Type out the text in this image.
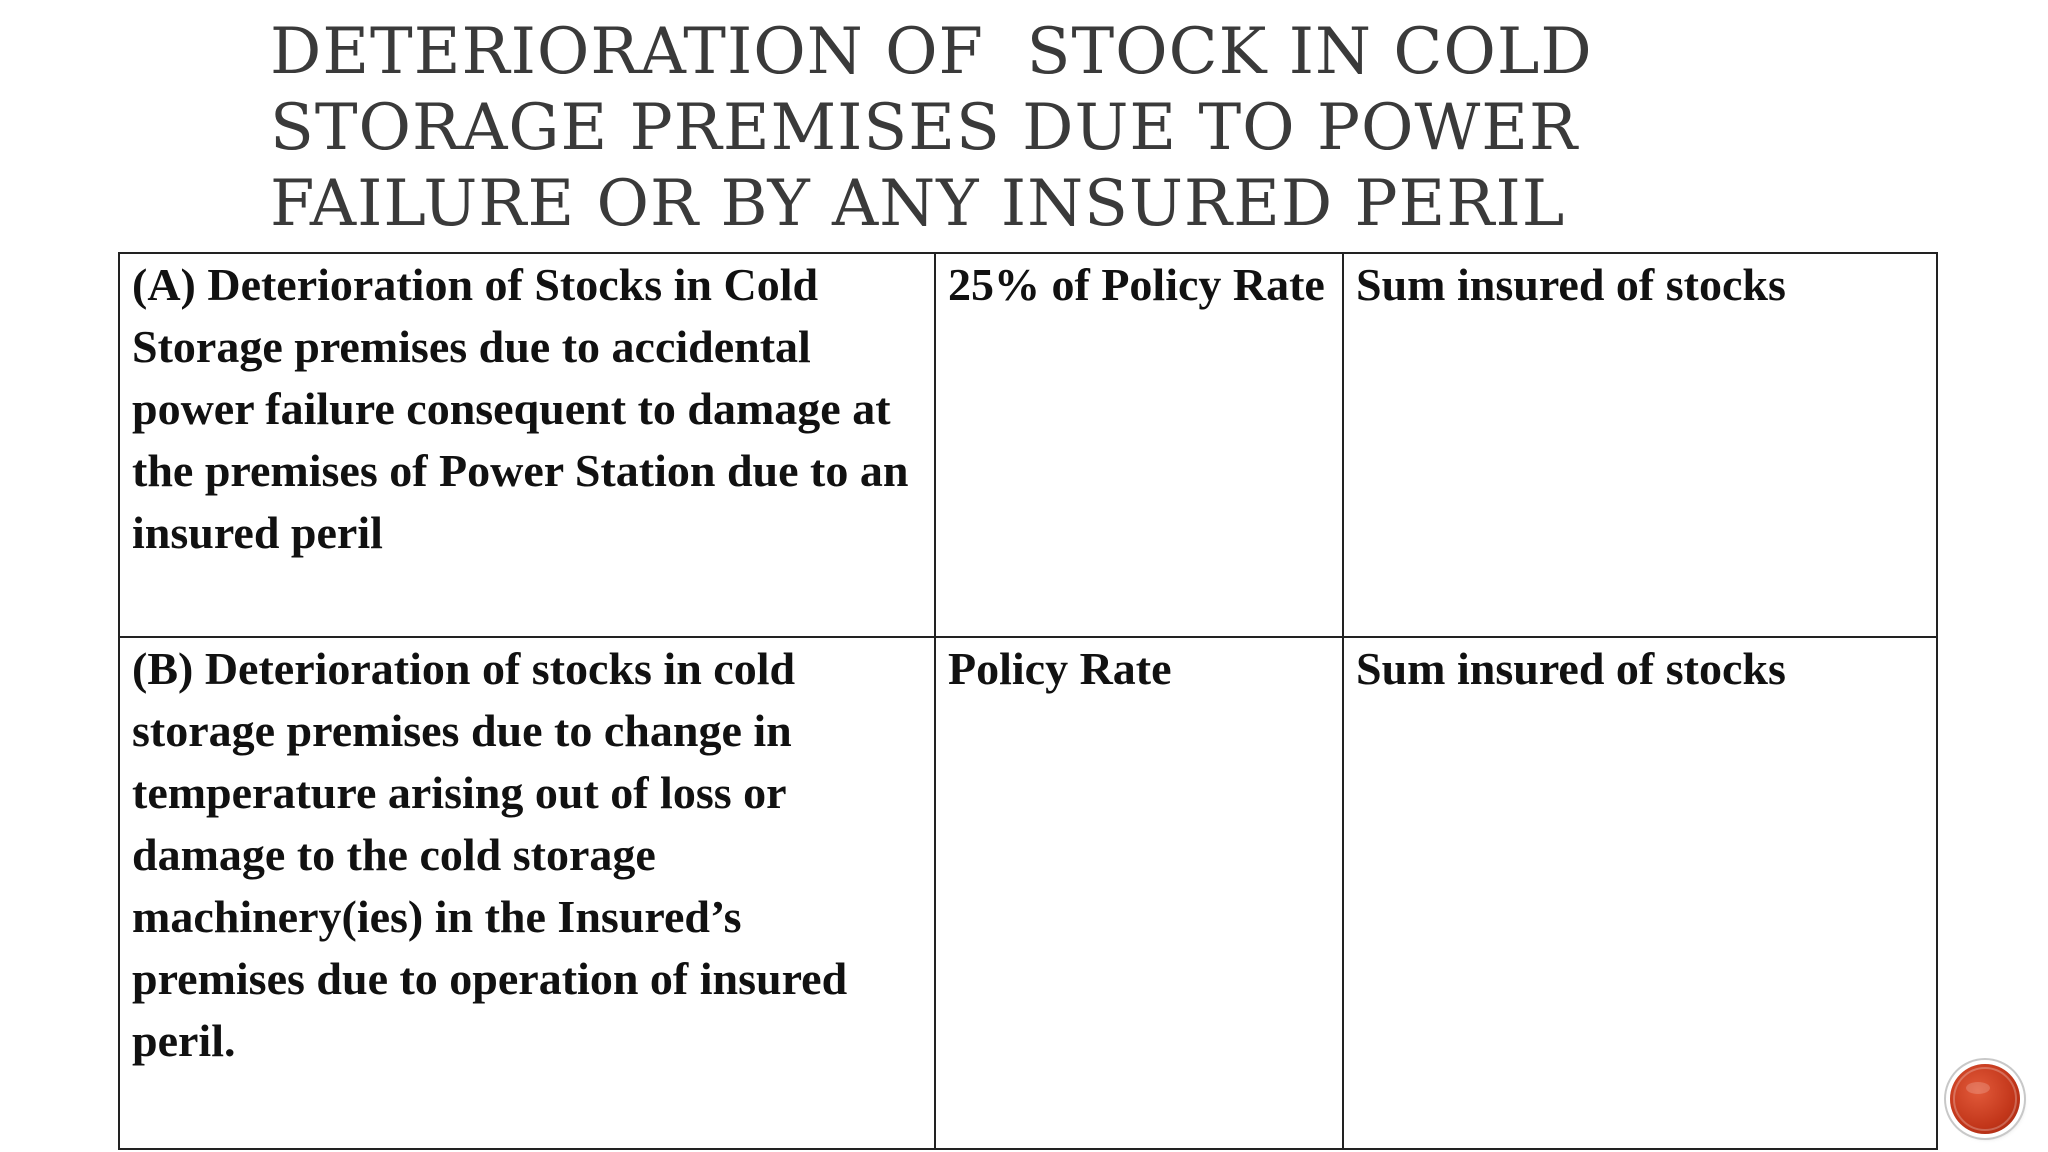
DETERIORATION OF  STOCK IN COLD
STORAGE PREMISES DUE TO POWER
FAILURE OR BY ANY INSURED PERIL
(A) Deterioration of Stocks in Cold Storage premises due to accidental power failure consequent to damage at the premises of Power Station due to an insured peril	25% of Policy Rate	Sum insured of stocks
(B) Deterioration of stocks in cold storage premises due to change in temperature arising out of loss or damage to the cold storage machinery(ies) in the Insured’s premises due to operation of insured peril.	Policy Rate	Sum insured of stocks
